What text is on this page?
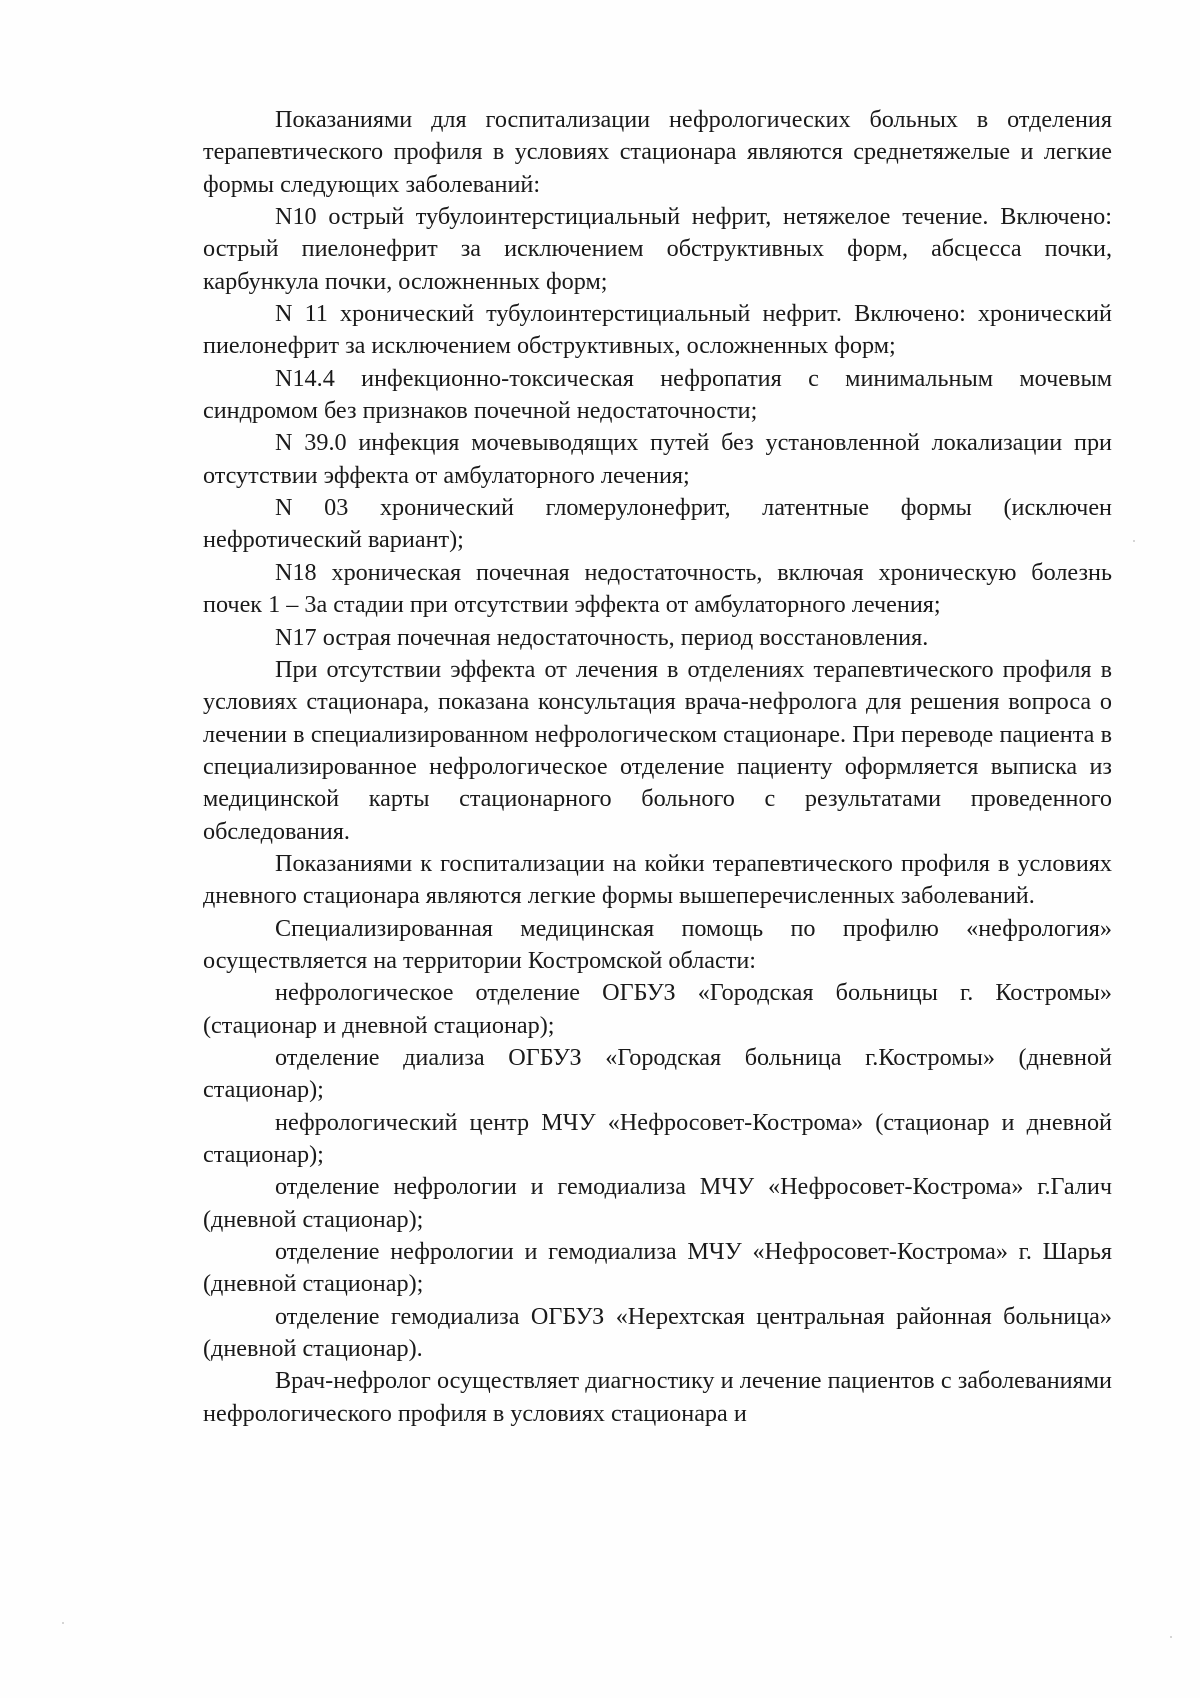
Показаниями для госпитализации нефрологических больных в отделения терапевтического профиля в условиях стационара являются среднетяжелые и легкие формы следующих заболеваний:

N10 острый тубулоинтерстициальный нефрит, нетяжелое течение. Включено: острый пиелонефрит за исключением обструктивных форм, абсцесса почки, карбункула почки, осложненных форм;

N 11 хронический тубулоинтерстициальный нефрит. Включено: хронический пиелонефрит за исключением обструктивных, осложненных форм;

N14.4 инфекционно-токсическая нефропатия с минимальным мочевым синдромом без признаков почечной недостаточности;

N 39.0 инфекция мочевыводящих путей без установленной локализации при отсутствии эффекта от амбулаторного лечения;

N 03 хронический гломерулонефрит, латентные формы (исключен нефротический вариант);

N18 хроническая почечная недостаточность, включая хроническую болезнь почек 1 – 3а стадии при отсутствии эффекта от амбулаторного лечения;

N17 острая почечная недостаточность, период восстановления.

При отсутствии эффекта от лечения в отделениях терапевтического профиля в условиях стационара, показана консультация врача-нефролога для решения вопроса о лечении в специализированном нефрологическом стационаре. При переводе пациента в специализированное нефрологическое отделение пациенту оформляется выписка из медицинской карты стационарного больного с результатами проведенного обследования.

Показаниями к госпитализации на койки терапевтического профиля в условиях дневного стационара являются легкие формы вышеперечисленных заболеваний.

Специализированная медицинская помощь по профилю «нефрология» осуществляется на территории Костромской области:

нефрологическое отделение ОГБУЗ «Городская больницы г. Костромы» (стационар и дневной стационар);

отделение диализа ОГБУЗ «Городская больница г.Костромы» (дневной стационар);

нефрологический центр МЧУ «Нефросовет-Кострома» (стационар и дневной стационар);

отделение нефрологии и гемодиализа МЧУ «Нефросовет-Кострома» г.Галич (дневной стационар);

отделение нефрологии и гемодиализа МЧУ «Нефросовет-Кострома» г. Шарья (дневной стационар);

отделение гемодиализа ОГБУЗ «Нерехтская центральная районная больница» (дневной стационар).

Врач-нефролог осуществляет диагностику и лечение пациентов с заболеваниями нефрологического профиля в условиях стационара и
